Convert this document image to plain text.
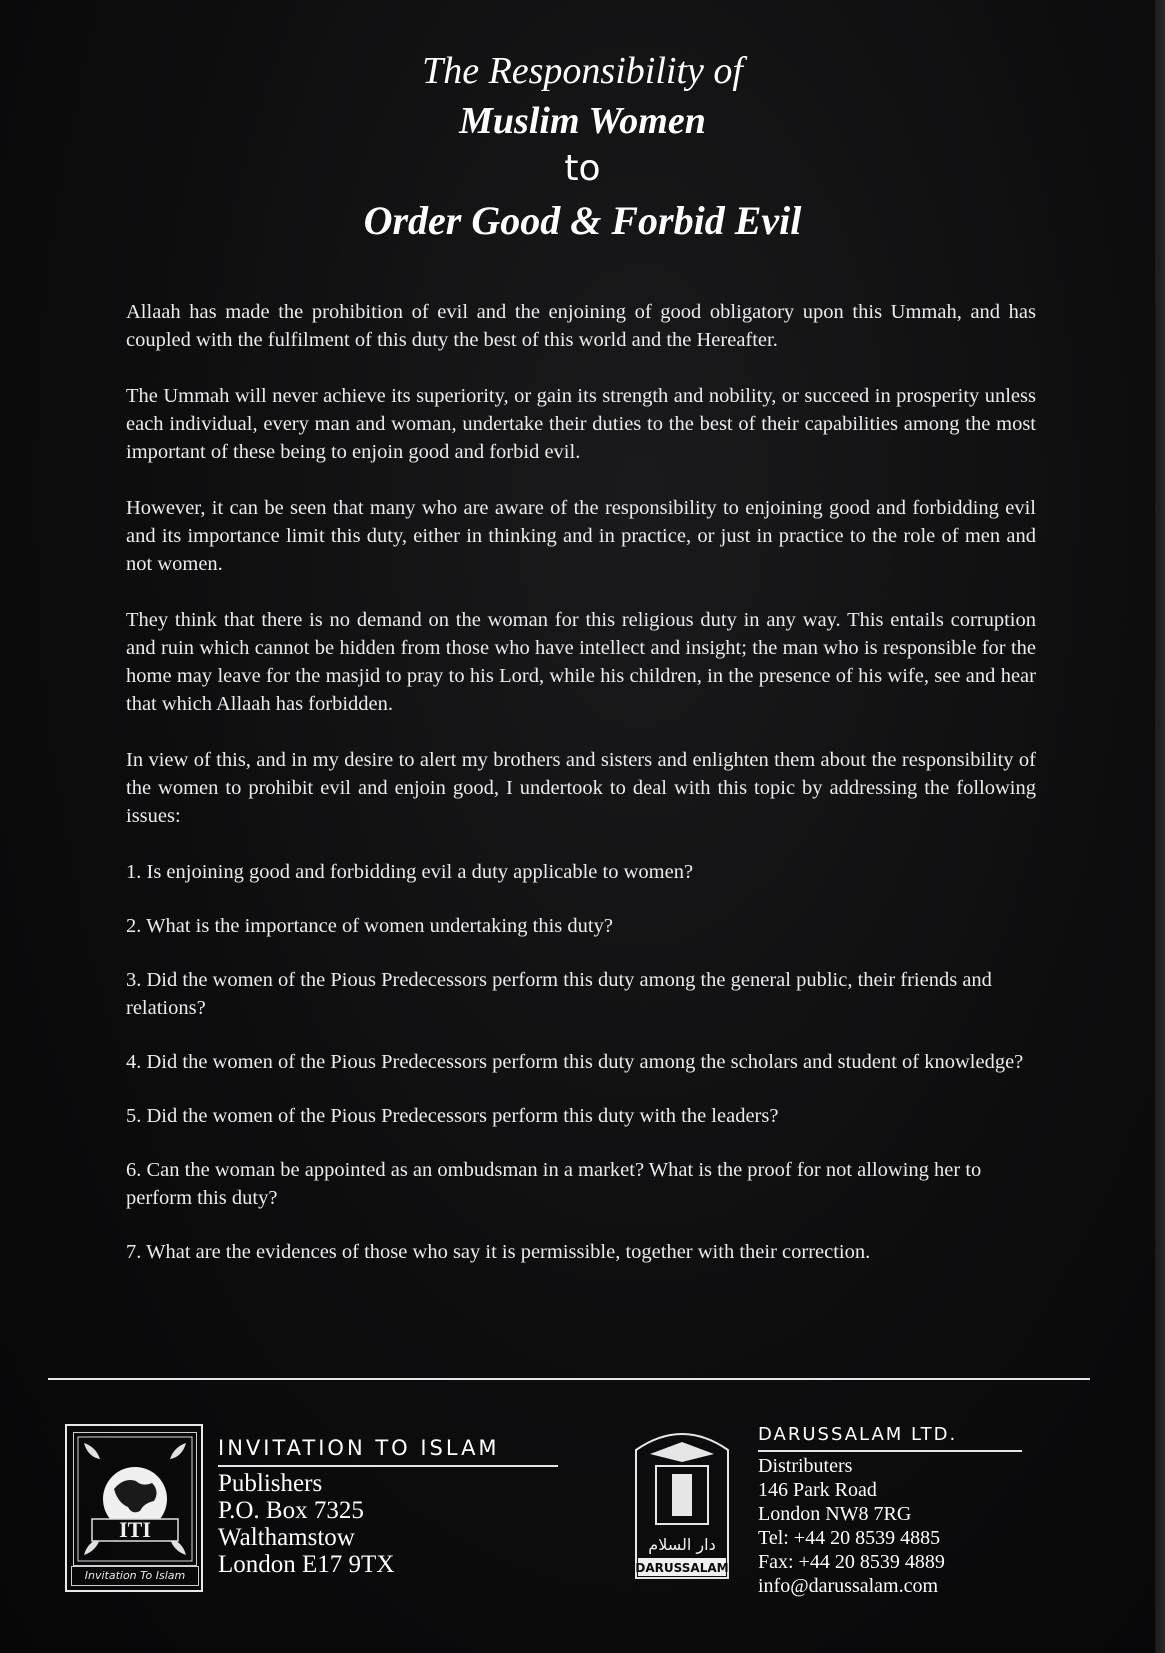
The Responsibility of
Muslim Women
to
Order Good & Forbid Evil

Allaah has made the prohibition of evil and the enjoining of good obligatory upon this Ummah, and has coupled with the fulfilment of this duty the best of this world and the Hereafter.

The Ummah will never achieve its superiority, or gain its strength and nobility, or succeed in prosperity unless each individual, every man and woman, undertake their duties to the best of their capabilities among the most important of these being to enjoin good and forbid evil.

However, it can be seen that many who are aware of the responsibility to enjoining good and forbidding evil and its importance limit this duty, either in thinking and in practice, or just in practice to the role of men and not women.

They think that there is no demand on the woman for this religious duty in any way. This entails corruption and ruin which cannot be hidden from those who have intellect and insight; the man who is responsible for the home may leave for the masjid to pray to his Lord, while his children, in the presence of his wife, see and hear that which Allaah has forbidden.

In view of this, and in my desire to alert my brothers and sisters and enlighten them about the responsibility of the women to prohibit evil and enjoin good, I undertook to deal with this topic by addressing the following issues:

1. Is enjoining good and forbidding evil a duty applicable to women?

2. What is the importance of women undertaking this duty?

3. Did the women of the Pious Predecessors perform this duty among the general public, their friends and relations?

4. Did the women of the Pious Predecessors perform this duty among the scholars and student of knowledge?

5. Did the women of the Pious Predecessors perform this duty with the leaders?

6. Can the woman be appointed as an ombudsman in a market? What is the proof for not allowing her to perform this duty?

7. What are the evidences of those who say it is permissible, together with their correction.

ITI
Invitation To Islam
INVITATION TO ISLAM
Publishers
P.O. Box 7325
Walthamstow
London E17 9TX
دار السلام
DARUSSALAM
DARUSSALAM LTD.
Distributers
146 Park Road
London NW8 7RG
Tel: +44 20 8539 4885
Fax: +44 20 8539 4889
info@darussalam.com
